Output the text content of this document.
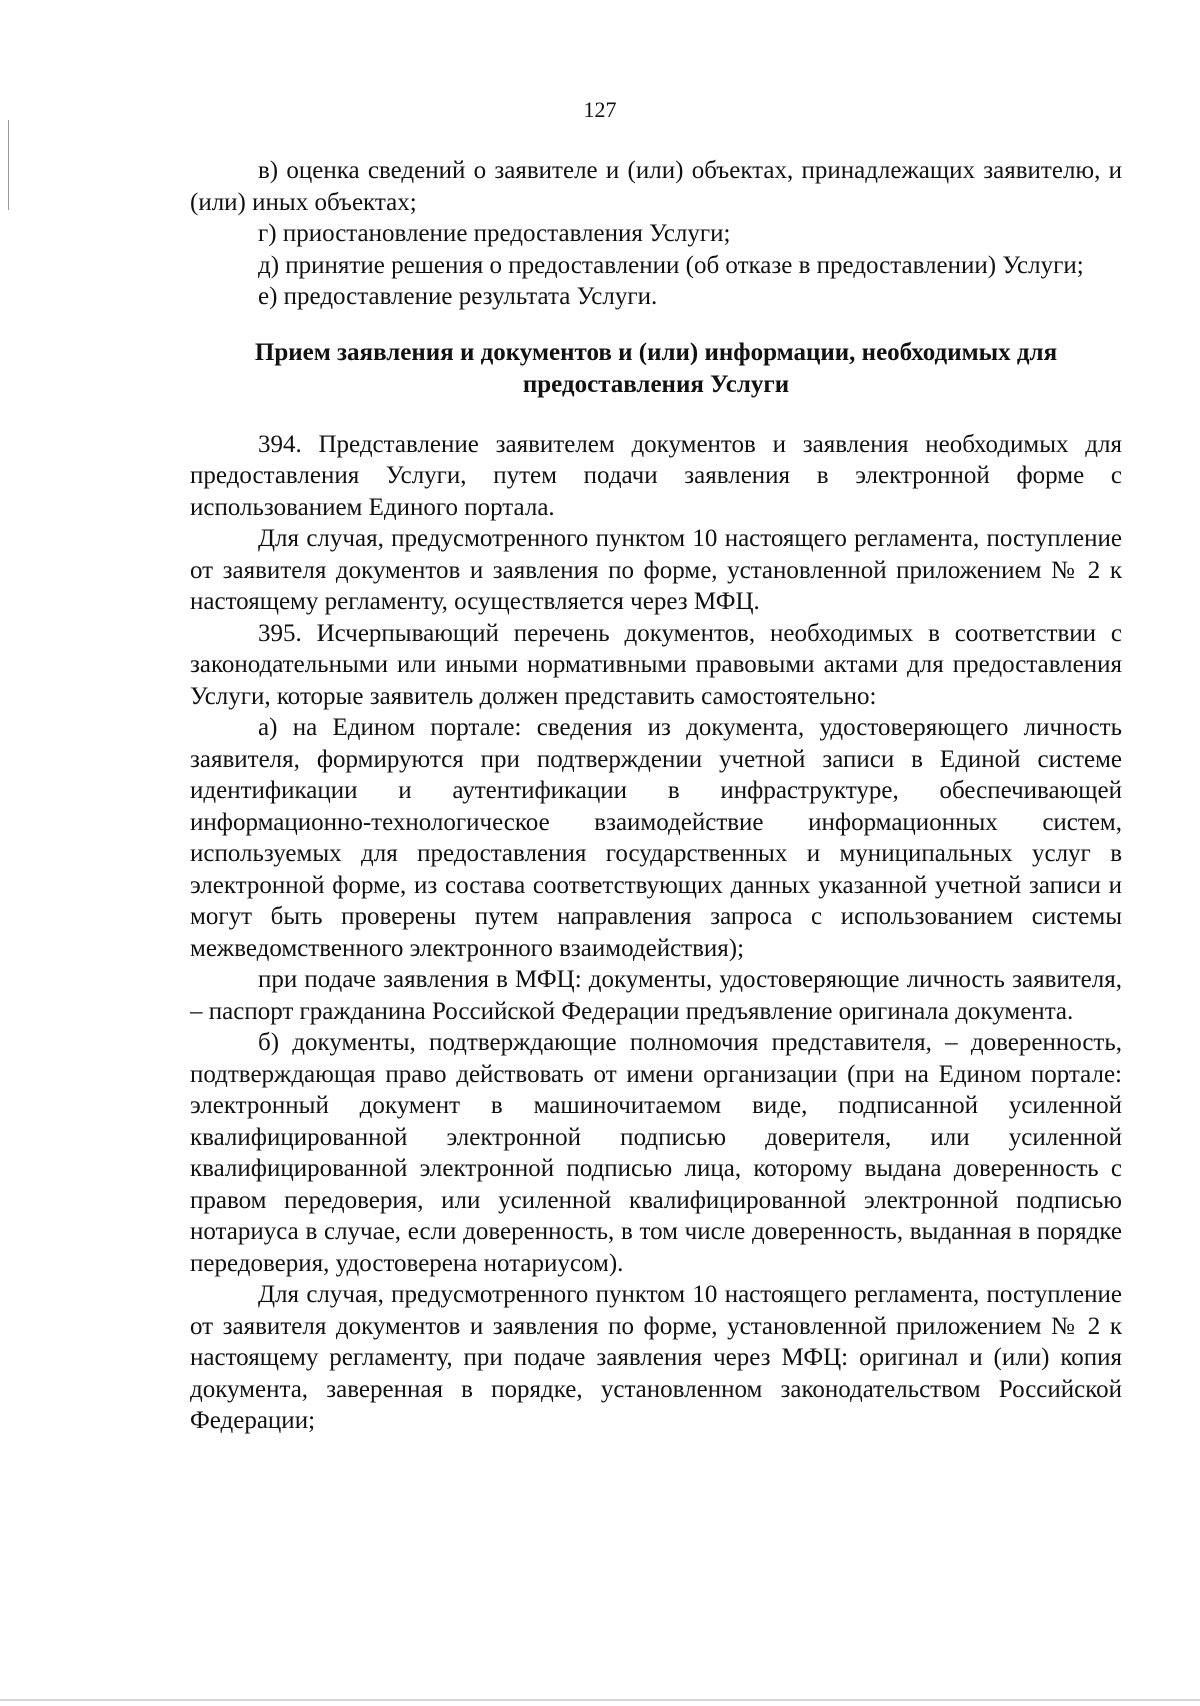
127

в) оценка сведений о заявителе и (или) объектах, принадлежащих заявителю, и (или) иных объектах;

г) приостановление предоставления Услуги;

д) принятие решения о предоставлении (об отказе в предоставлении) Услуги;

е) предоставление результата Услуги.

Прием заявления и документов и (или) информации, необходимых для предоставления Услуги

394. Представление заявителем документов и заявления необходимых для предоставления Услуги, путем подачи заявления в электронной форме с использованием Единого портала.

Для случая, предусмотренного пунктом 10 настоящего регламента, поступление от заявителя документов и заявления по форме, установленной приложением № 2 к настоящему регламенту, осуществляется через МФЦ.

395. Исчерпывающий перечень документов, необходимых в соответствии с законодательными или иными нормативными правовыми актами для предоставления Услуги, которые заявитель должен представить самостоятельно:

а) на Едином портале: сведения из документа, удостоверяющего личность заявителя, формируются при подтверждении учетной записи в Единой системе идентификации и аутентификации в инфраструктуре, обеспечивающей информационно-технологическое взаимодействие информационных систем, используемых для предоставления государственных и муниципальных услуг в электронной форме, из состава соответствующих данных указанной учетной записи и могут быть проверены путем направления запроса с использованием системы межведомственного электронного взаимодействия);

при подаче заявления в МФЦ: документы, удостоверяющие личность заявителя, – паспорт гражданина Российской Федерации предъявление оригинала документа.

б) документы, подтверждающие полномочия представителя, – доверенность, подтверждающая право действовать от имени организации (при на Едином портале: электронный документ в машиночитаемом виде, подписанной усиленной квалифицированной электронной подписью доверителя, или усиленной квалифицированной электронной подписью лица, которому выдана доверенность с правом передоверия, или усиленной квалифицированной электронной подписью нотариуса в случае, если доверенность, в том числе доверенность, выданная в порядке передоверия, удостоверена нотариусом).

Для случая, предусмотренного пунктом 10 настоящего регламента, поступление от заявителя документов и заявления по форме, установленной приложением № 2 к настоящему регламенту, при подаче заявления через МФЦ: оригинал и (или) копия документа, заверенная в порядке, установленном законодательством Российской Федерации;
